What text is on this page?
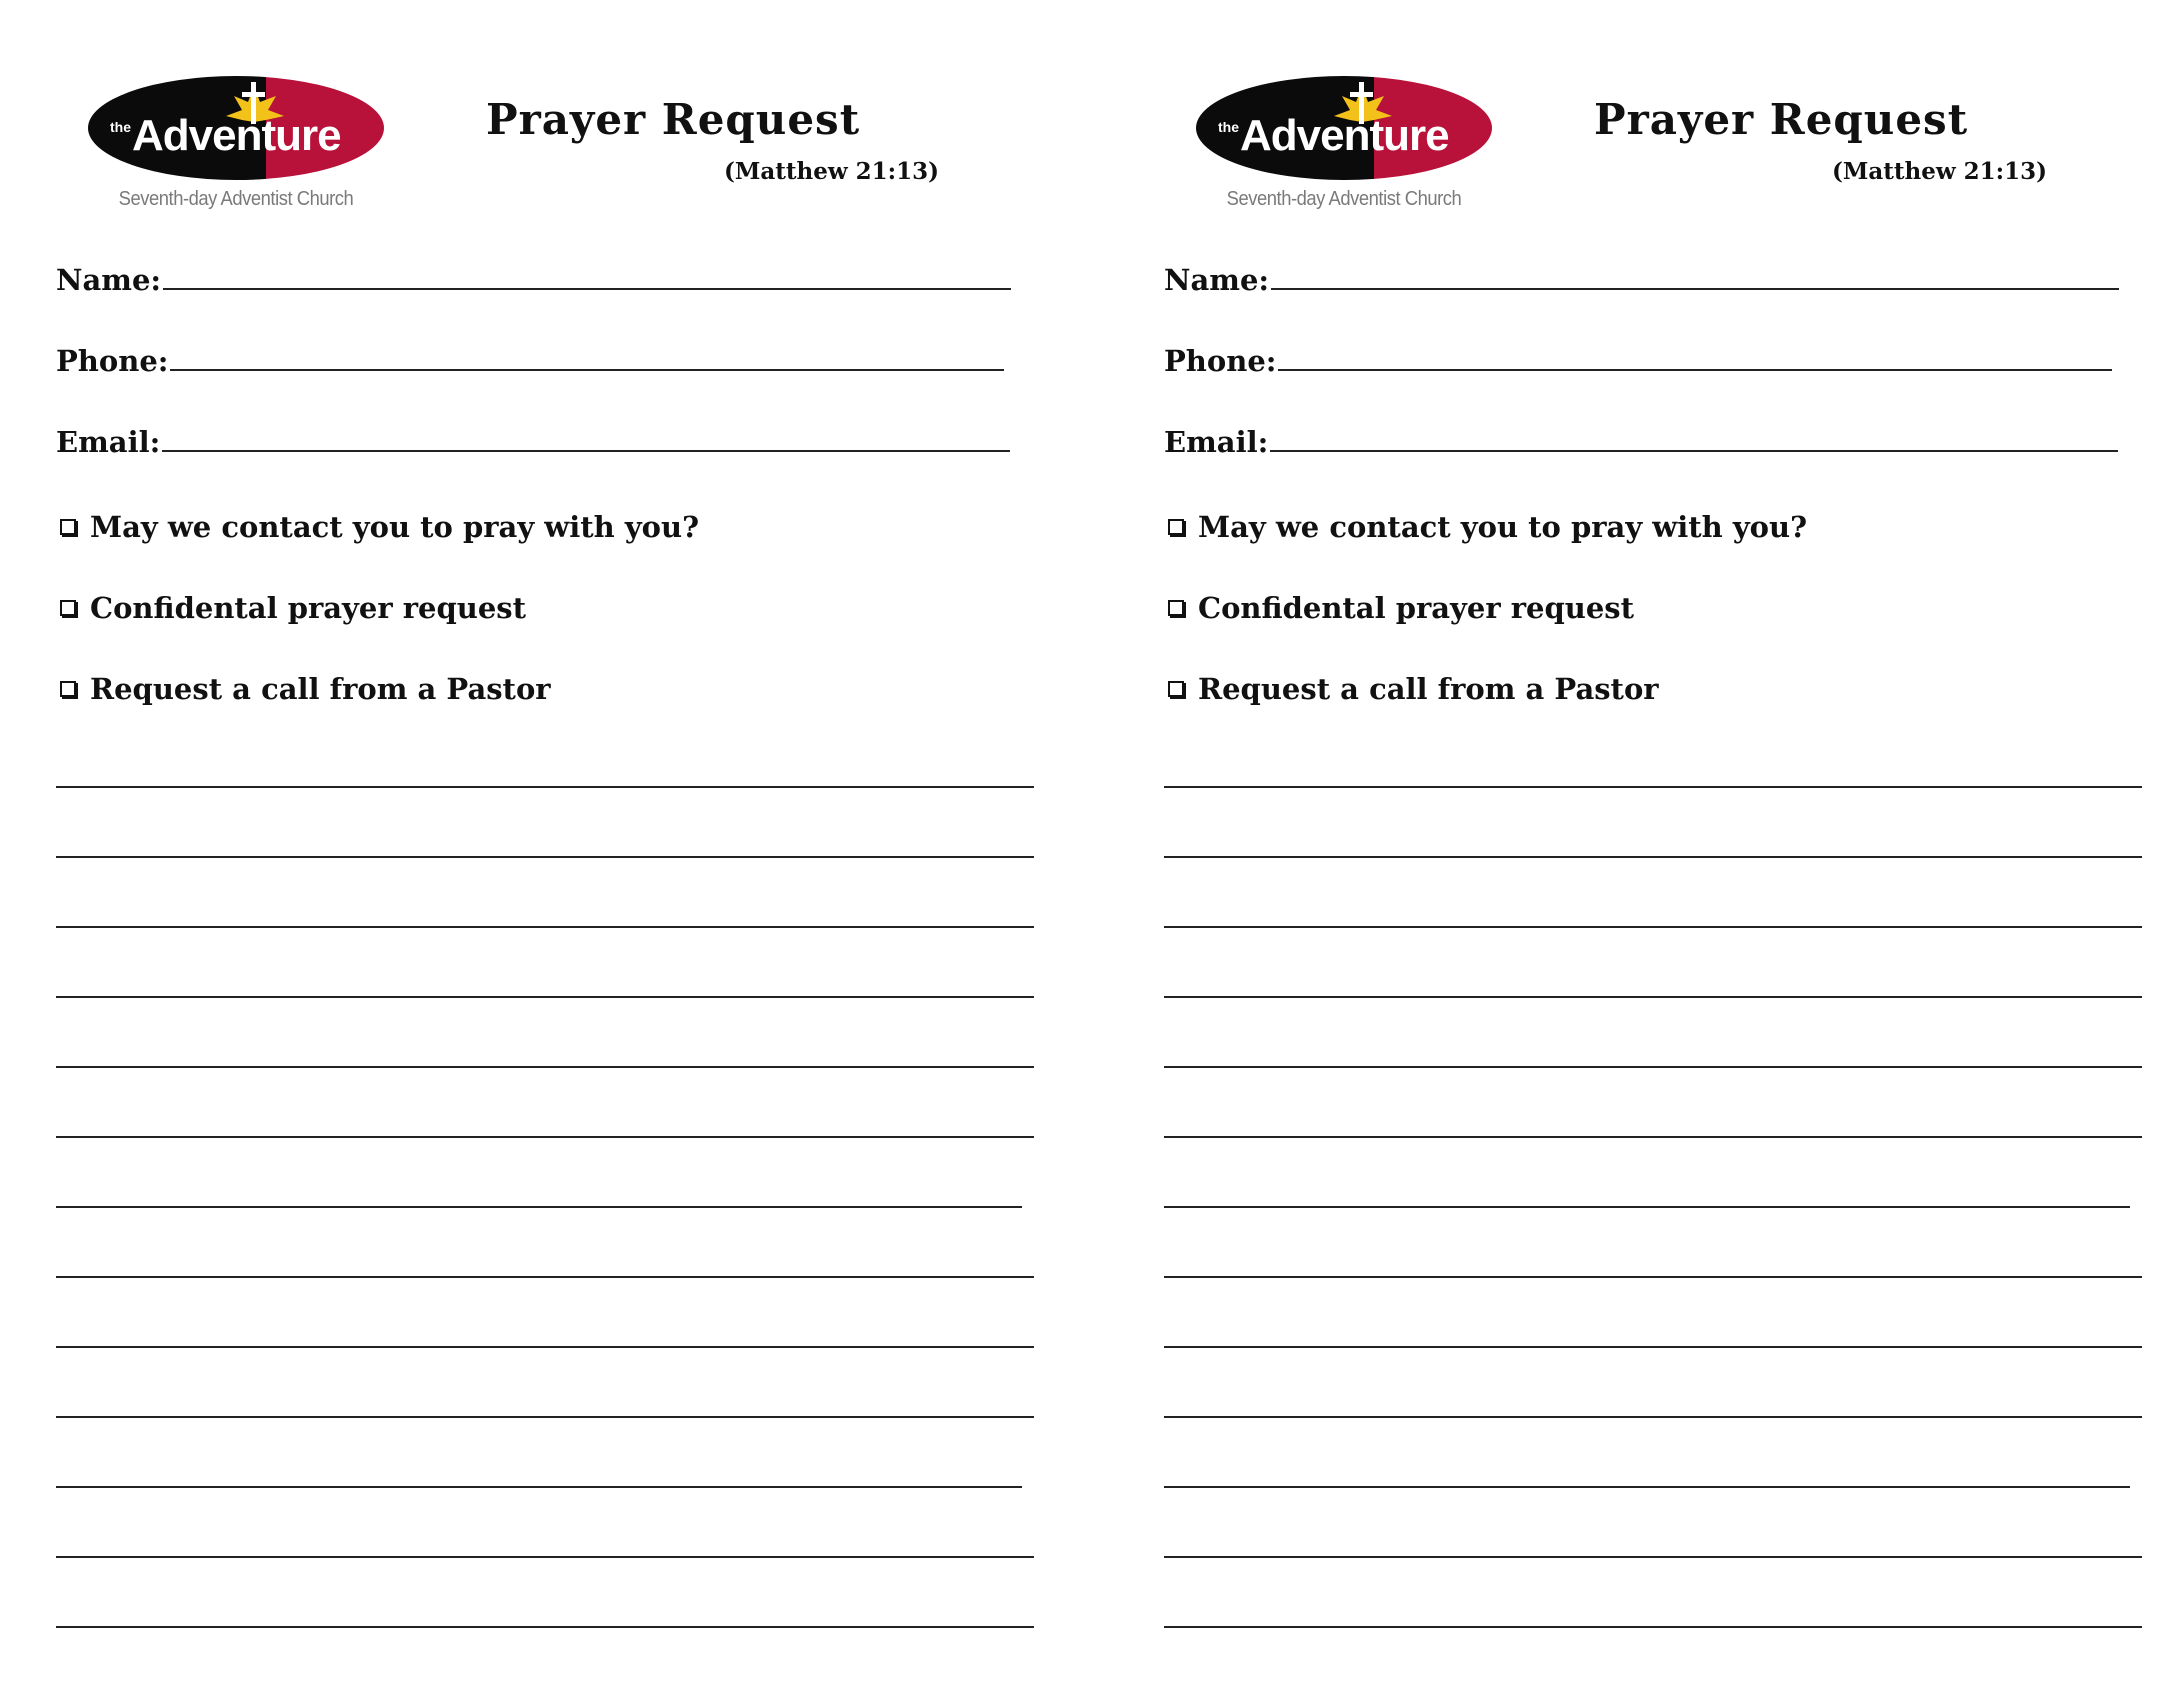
the Adventure
Seventh-day Adventist Church
Prayer Request
(Matthew 21:13)
Name:
Phone:
Email:
May we contact you to pray with you?
Confidental prayer request
Request a call from a Pastor
the Adventure
Seventh-day Adventist Church
Prayer Request
(Matthew 21:13)
Name:
Phone:
Email:
May we contact you to pray with you?
Confidental prayer request
Request a call from a Pastor
